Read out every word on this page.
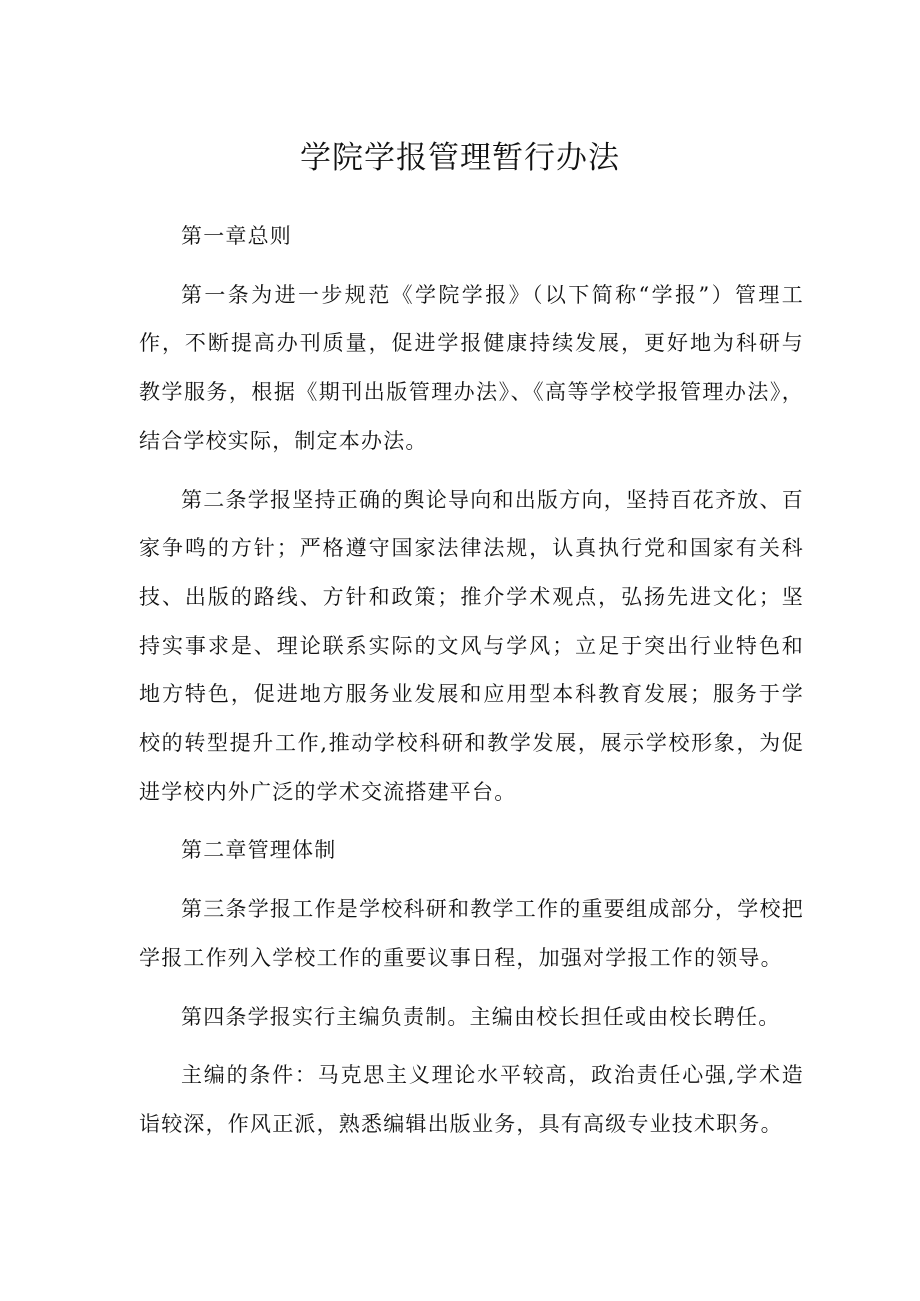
学院学报管理暂行办法

第一章总则

第一条为进一步规范《学院学报》（以下简称“学报”）管理工作，不断提高办刊质量，促进学报健康持续发展，更好地为科研与教学服务，根据《期刊出版管理办法》、《高等学校学报管理办法》，结合学校实际，制定本办法。

第二条学报坚持正确的舆论导向和出版方向，坚持百花齐放、百家争鸣的方针；严格遵守国家法律法规，认真执行党和国家有关科技、出版的路线、方针和政策；推介学术观点，弘扬先进文化；坚持实事求是、理论联系实际的文风与学风；立足于突出行业特色和地方特色，促进地方服务业发展和应用型本科教育发展；服务于学校的转型提升工作,推动学校科研和教学发展，展示学校形象，为促进学校内外广泛的学术交流搭建平台。

第二章管理体制

第三条学报工作是学校科研和教学工作的重要组成部分，学校把学报工作列入学校工作的重要议事日程，加强对学报工作的领导。

第四条学报实行主编负责制。主编由校长担任或由校长聘任。

主编的条件：马克思主义理论水平较高，政治责任心强,学术造诣较深，作风正派，熟悉编辑出版业务，具有高级专业技术职务。
